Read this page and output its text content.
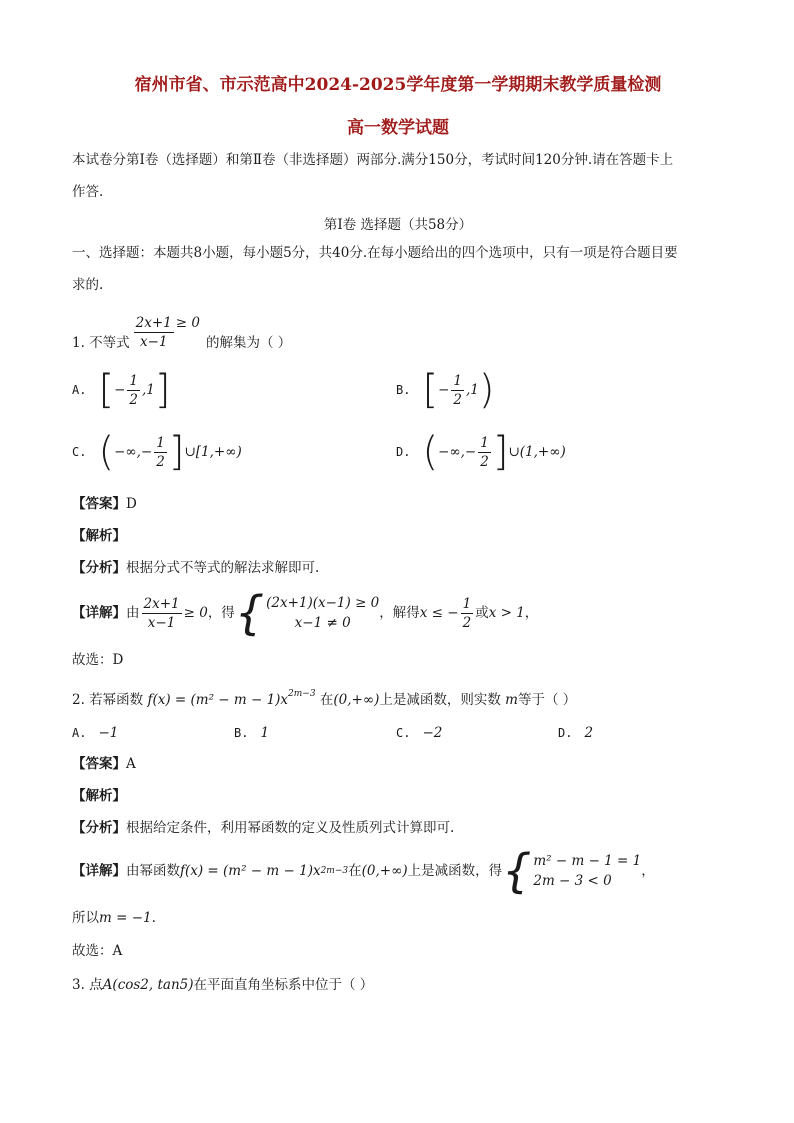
宿州市省、市示范高中2024-2025学年度第一学期期末教学质量检测
高一数学试题
本试卷分第Ⅰ卷（选择题）和第Ⅱ卷（非选择题）两部分.满分150分，考试时间120分钟.请在答题卡上
作答.
第Ⅰ卷 选择题（共58分）
一、选择题：本题共8小题，每小题5分，共40分.在每小题给出的四个选项中，只有一项是符合题目要
求的.
1. 不等式 $\frac{2x+1}{x-1} \ge 0$
的解集为（ ）
A. [ − $\frac{1}{2} ,1$ ]	B. [ − $\frac{1}{2} ,1$ )
C. ( −∞,− $\frac{1}{2}$ ] ∪[1,+∞)	D. ( −∞,− $\frac{1}{2}$ ] ∪(1,+∞)
【答案】D
【解析】
【分析】根据分式不等式的解法求解即可.
【详解】 由 $\frac{2x+1}{x-1} \ge 0$ ，得 { (2x+1)(x−1) ≥ 0
x−1 ≠ 0
，解得 x ≤ − $\frac{1}{2}$ 或 x > 1 ，
故选：D
2. 若幂函数 $f(x) = (m^2 - m - 1)x^{2m-3}$ 在(0,+∞)上是减函数，则实数 m等于（ ）
A. −1	B. 1	C. −2	D. 2
【答案】A
【解析】
【分析】根据给定条件，利用幂函数的定义及性质列式计算即可.
【详解】 由幂函数 f(x) = (m² − m − 1)x 2m−3 在 (0,+∞) 上是减函数，得 { m² − m − 1 = 1
2m − 3 < 0
，
所以m = −1.
故选：A
3. 点A(cos2, tan5)在平面直角坐标系中位于（ ）
